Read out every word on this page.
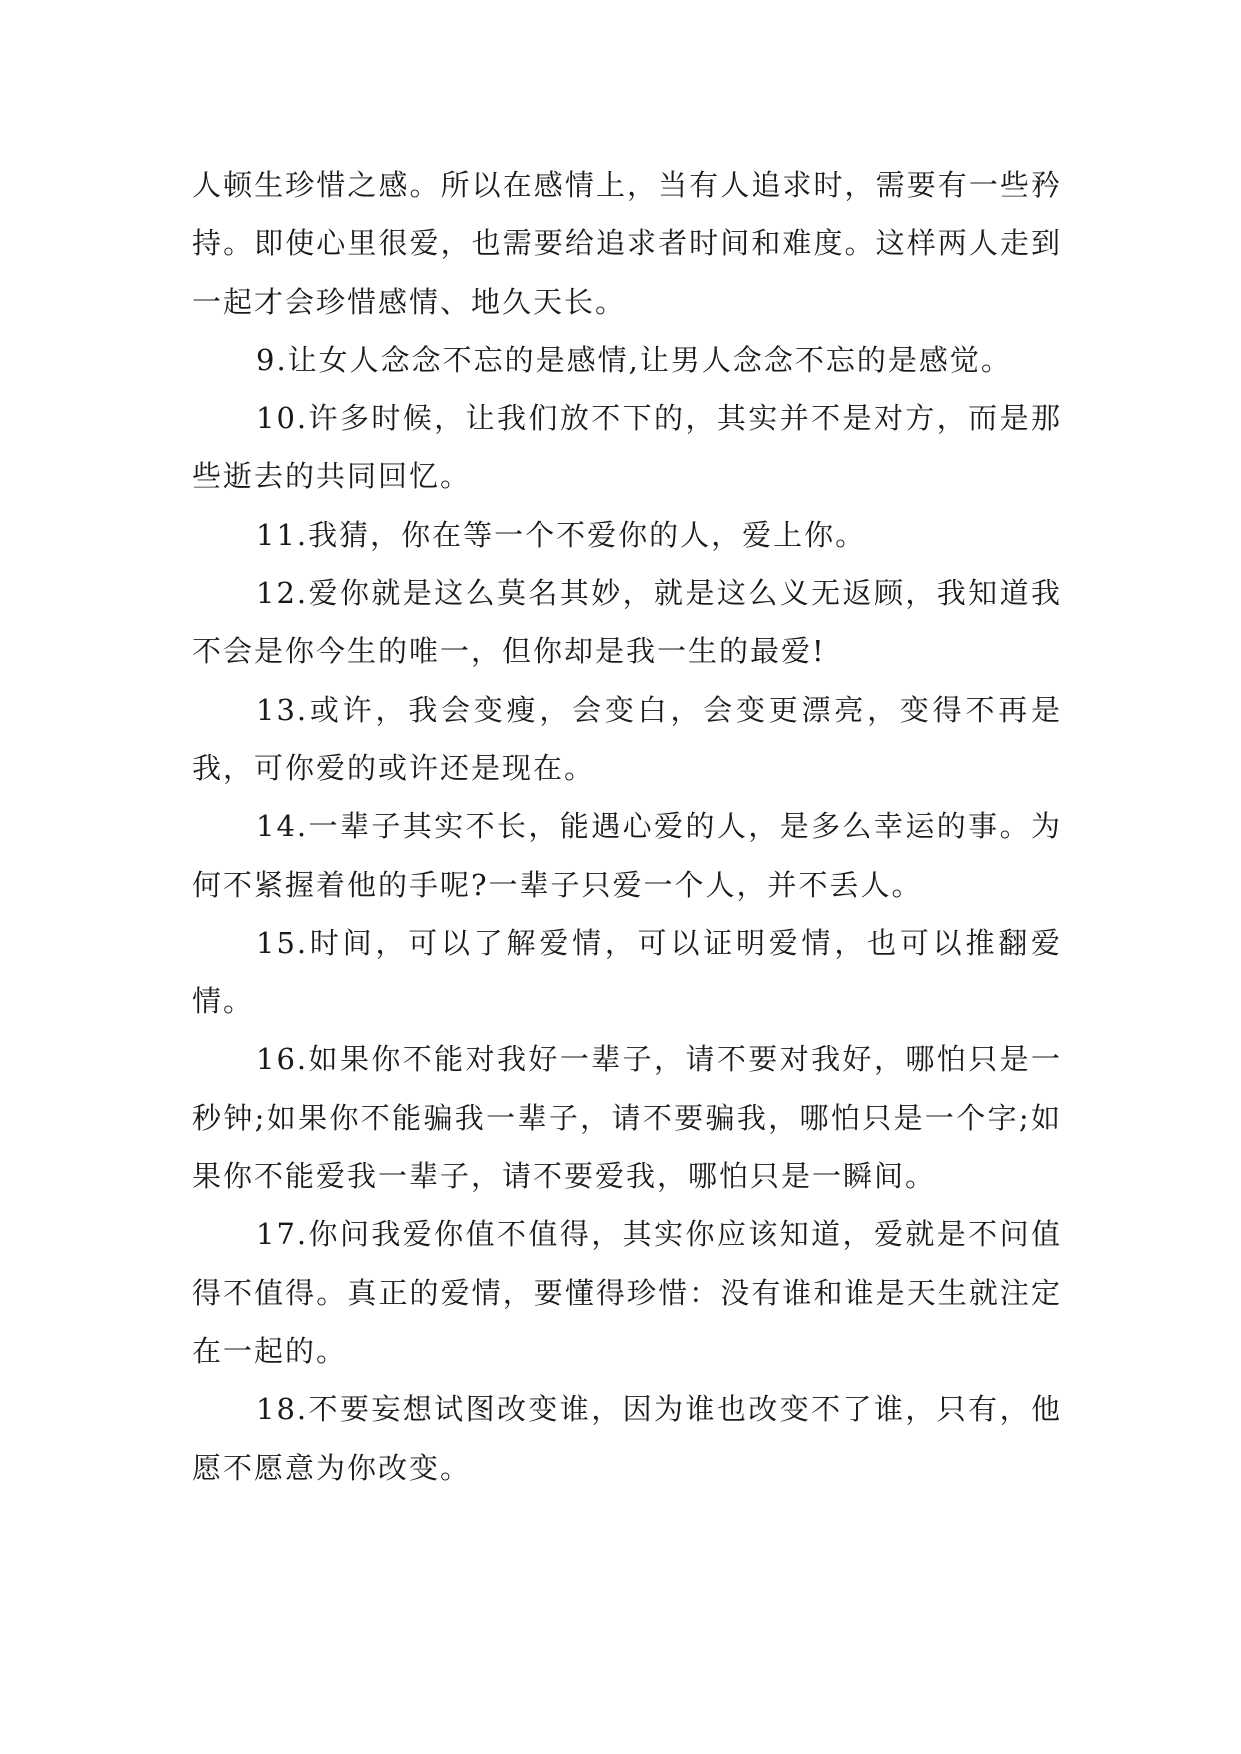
人顿生珍惜之感。所以在感情上，当有人追求时，需要有一些矜持。即使心里很爱，也需要给追求者时间和难度。这样两人走到一起才会珍惜感情、地久天长。

9.让女人念念不忘的是感情,让男人念念不忘的是感觉。

10.许多时候，让我们放不下的，其实并不是对方，而是那些逝去的共同回忆。

11.我猜，你在等一个不爱你的人，爱上你。

12.爱你就是这么莫名其妙，就是这么义无返顾，我知道我不会是你今生的唯一，但你却是我一生的最爱!

13.或许，我会变瘦，会变白，会变更漂亮，变得不再是我，可你爱的或许还是现在。

14.一辈子其实不长，能遇心爱的人，是多么幸运的事。为何不紧握着他的手呢?一辈子只爱一个人，并不丢人。

15.时间，可以了解爱情，可以证明爱情，也可以推翻爱情。

16.如果你不能对我好一辈子，请不要对我好，哪怕只是一秒钟;如果你不能骗我一辈子，请不要骗我，哪怕只是一个字;如果你不能爱我一辈子，请不要爱我，哪怕只是一瞬间。

17.你问我爱你值不值得，其实你应该知道，爱就是不问值得不值得。真正的爱情，要懂得珍惜：没有谁和谁是天生就注定在一起的。

18.不要妄想试图改变谁，因为谁也改变不了谁，只有，他愿不愿意为你改变。
